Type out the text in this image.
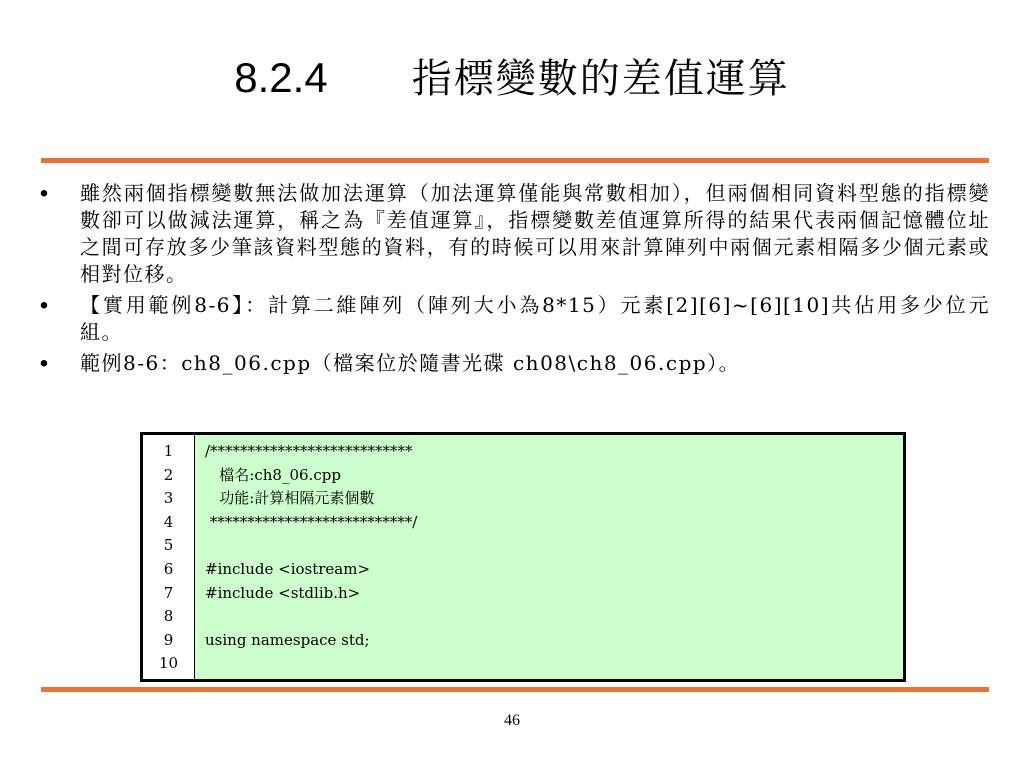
8.2.4 指標變數的差值運算
• 雖然兩個指標變數無法做加法運算（加法運算僅能與常數相加），但兩個相同資料型態的指標變數卻可以做減法運算，稱之為『差值運算』，指標變數差值運算所得的結果代表兩個記憶體位址之間可存放多少筆該資料型態的資料，有的時候可以用來計算陣列中兩個元素相隔多少個元素或相對位移。
• 【實用範例8-6】：計算二維陣列（陣列大小為8*15）元素[2][6]~[6][10]共佔用多少位元組。
• 範例8-6：ch8_06.cpp（檔案位於隨書光碟 ch08\ch8_06.cpp）。
1
2
3
4
5
6
7
8
9
10
/***************************
檔名:ch8_06.cpp
功能:計算相隔元素個數
***************************/
#include <iostream>
#include <stdlib.h>
using namespace std;
46
